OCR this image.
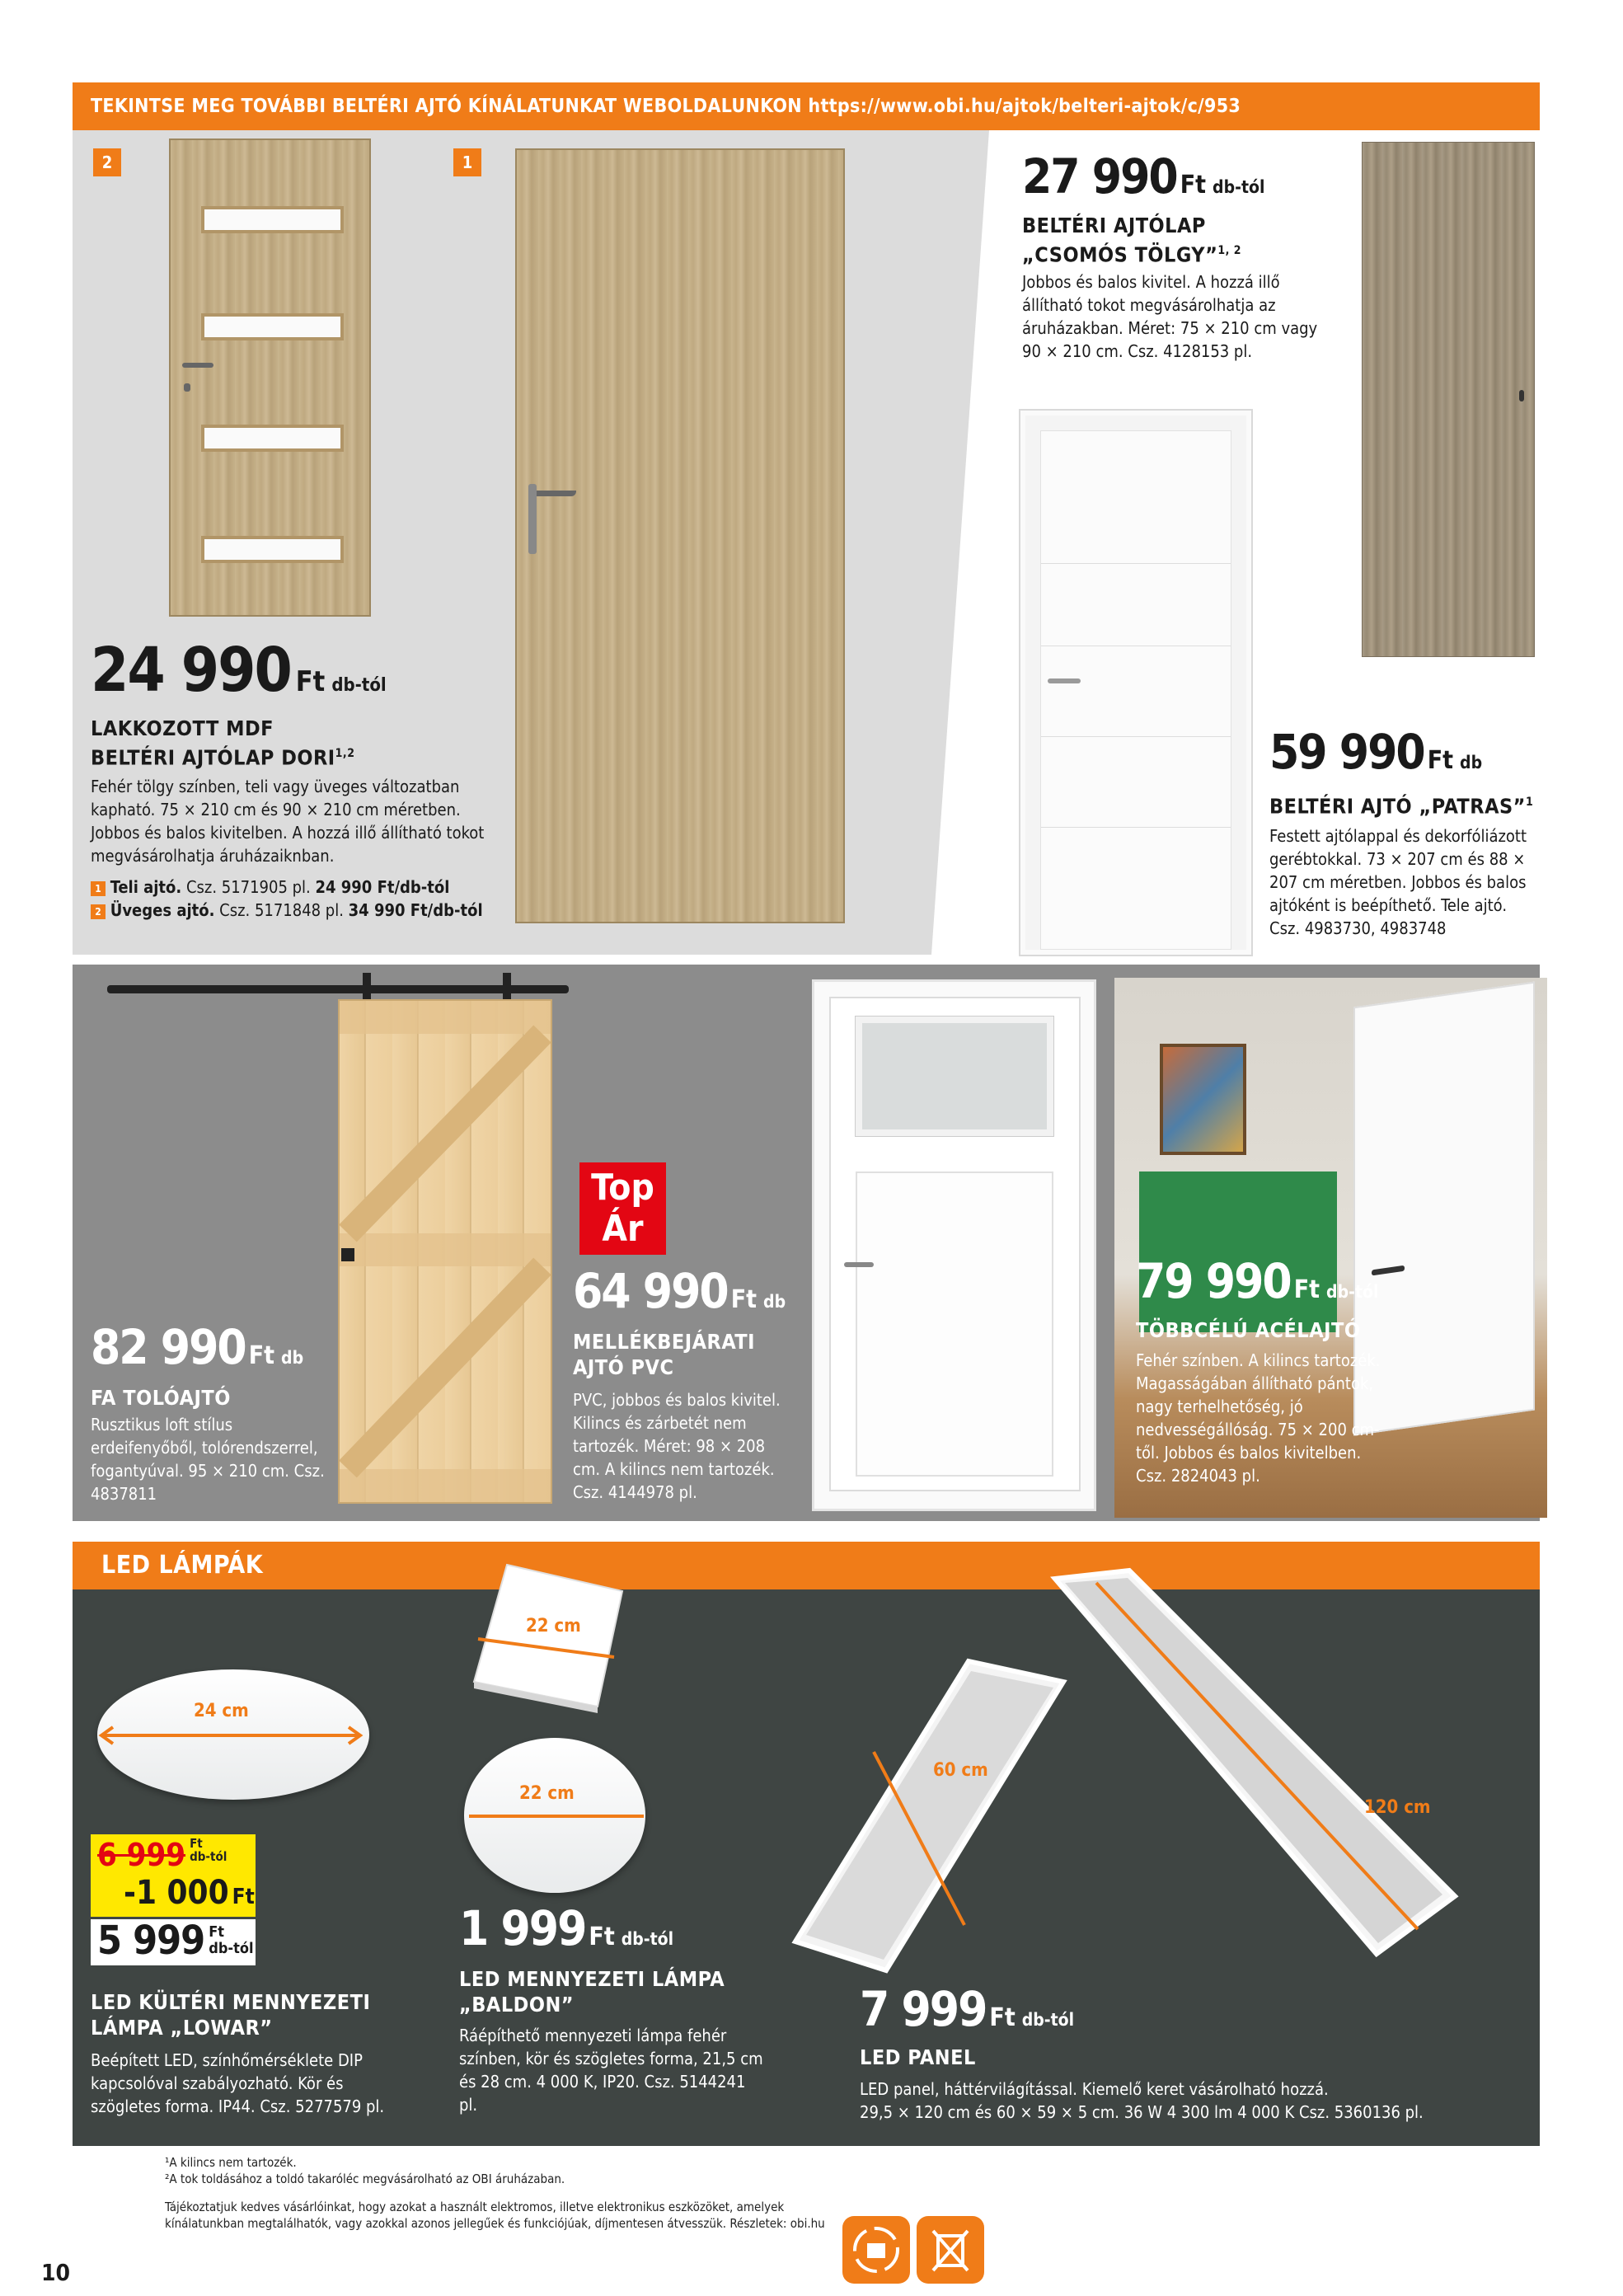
TEKINTSE MEG TOVÁBBI BELTÉRI AJTÓ KÍNÁLATUNKAT WEBOLDALUNKON https://www.obi.hu/ajtok/belteri-ajtok/c/953
2	1
24 990 Ft db-tól
LAKKOZOTT MDF
BELTÉRI AJTÓLAP DORI$^{1,2}$
Fehér tölgy színben, teli vagy üveges változatban kapható. 75 × 210 cm és 90 × 210 cm méretben. Jobbos és balos kivitelben. A hozzá illő állítható tokot megvásárolhatja áruházaiknban.
1 Teli ajtó. Csz. 5171905 pl. 24 990 Ft/db-tól
2 Üveges ajtó. Csz. 5171848 pl. 34 990 Ft/db-tól
27 990 Ft db-tól
BELTÉRI AJTÓLAP
„CSOMÓS TÖLGY”$^{1, 2}$
Jobbos és balos kivitel. A hozzá illő állítható tokot megvásárolhatja az áruházakban. Méret: 75 × 210 cm vagy 90 × 210 cm. Csz. 4128153 pl.
59 990 Ft db
BELTÉRI AJTÓ „PATRAS”$^1$
Festett ajtólappal és dekorfóliázott gerébtokkal. 73 × 207 cm és 88 × 207 cm méretben. Jobbos és balos ajtóként is beépíthető. Tele ajtó. Csz. 4983730, 4983748
82 990 Ft db
FA TOLÓAJTÓ
Rusztikus loft stílus erdeifenyőből, tolórendszerrel, fogantyúval. 95 × 210 cm. Csz. 4837811
Top
Ár
64 990 Ft db
MELLÉKBEJÁRATI
AJTÓ PVC
PVC, jobbos és balos kivitel. Kilincs és zárbetét nem tartozék. Méret: 98 × 208 cm. A kilincs nem tartozék. Csz. 4144978 pl.
79 990 Ft db-tól
TÖBBCÉLÚ ACÉLAJTÓ
Fehér színben. A kilincs tartozék. Magasságában állítható pántok, nagy terhelhetőség, jó nedvességállóság. 75 × 200 cm-től. Jobbos és balos kivitelben. Csz. 2824043 pl.
LED LÁMPÁK
24 cm
22 cm
22 cm
60 cm
120 cm
6 999 Ft
db-tól
-1 000 Ft
5 999 Ft
db-tól
LED KÜLTÉRI MENNYEZETI
LÁMPA „LOWAR”
Beépített LED, színhőmérséklete DIP kapcsolóval szabályozható. Kör és szögletes forma. IP44. Csz. 5277579 pl.
1 999 Ft db-tól
LED MENNYEZETI LÁMPA
„BALDON”
Ráépíthető mennyezeti lámpa fehér színben, kör és szögletes forma, 21,5 cm és 28 cm. 4 000 K, IP20. Csz. 5144241 pl.
7 999 Ft db-tól
LED PANEL
LED panel, háttérvilágítással. Kiemelő keret vásárolható hozzá.
29,5 × 120 cm és 60 × 59 × 5 cm. 36 W 4 300 lm 4 000 K Csz. 5360136 pl.
10
¹A kilincs nem tartozék.
²A tok toldásához a toldó takaróléc megvásárolható az OBI áruházaban.
Tájékoztatjuk kedves vásárlóinkat, hogy azokat a használt elektromos, illetve elektronikus eszközöket, amelyek
kínálatunkban megtalálhatók, vagy azokkal azonos jellegűek és funkciójúak, díjmentesen átvesszük. Részletek: obi.hu
